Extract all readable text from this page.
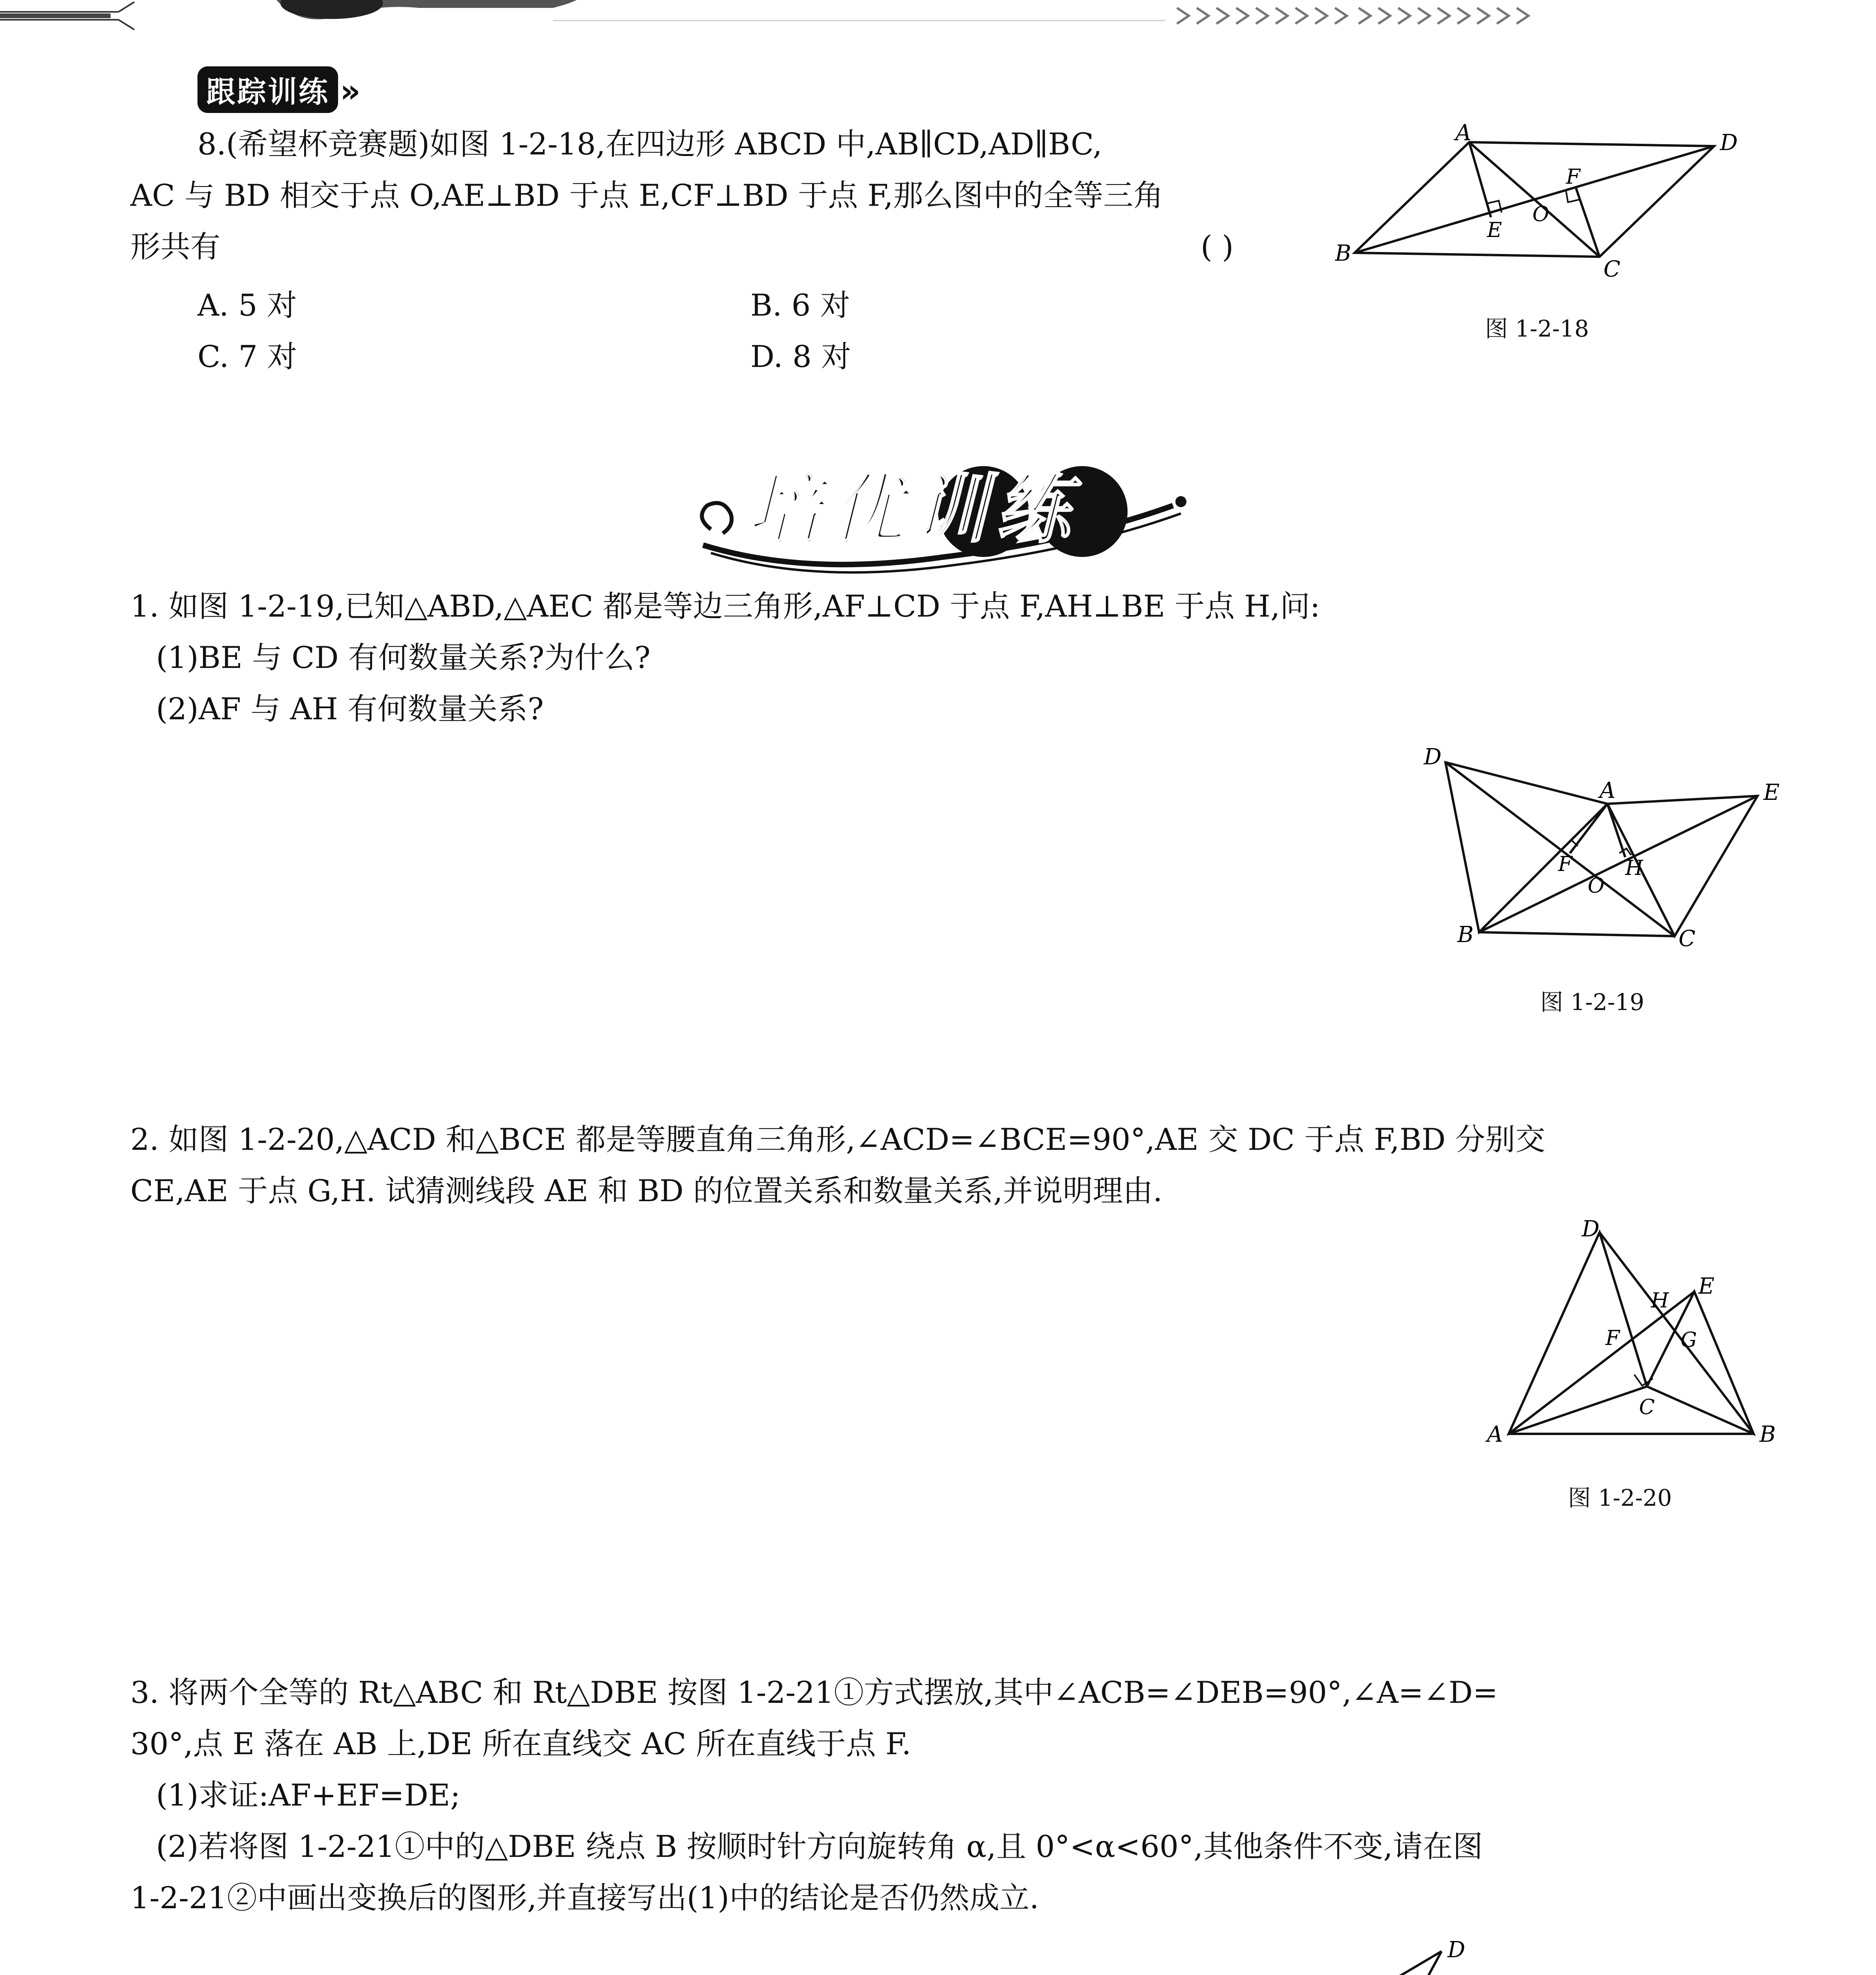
跟踪训练 »
8.(希望杯竞赛题)如图 1-2-18,在四边形 ABCD 中,AB∥CD,AD∥BC,
AC 与 BD 相交于点 O,AE⊥BD 于点 E,CF⊥BD 于点 F,那么图中的全等三角
形共有	( )
A. 5 对	B. 6 对
C. 7 对	D. 8 对
A	D
B
C
E
F
O
图 1-2-18
培优训练
1. 如图 1-2-19,已知△ABD,△AEC 都是等边三角形,AF⊥CD 于点 F,AH⊥BE 于点 H,问:
(1)BE 与 CD 有何数量关系?为什么?
(2)AF 与 AH 有何数量关系?
D
A	E
B	C
F	H
O
图 1-2-19
2. 如图 1-2-20,△ACD 和△BCE 都是等腰直角三角形,∠ACD=∠BCE=90°,AE 交 DC 于点 F,BD 分别交
CE,AE 于点 G,H. 试猜测线段 AE 和 BD 的位置关系和数量关系,并说明理由.
D
E
H
F	G
C
A	B
图 1-2-20
3. 将两个全等的 Rt△ABC 和 Rt△DBE 按图 1-2-21①方式摆放,其中∠ACB=∠DEB=90°,∠A=∠D=
30°,点 E 落在 AB 上,DE 所在直线交 AC 所在直线于点 F.
(1)求证:AF+EF=DE;
(2)若将图 1-2-21①中的△DBE 绕点 B 按顺时针方向旋转角 α,且 0°<α<60°,其他条件不变,请在图
1-2-21②中画出变换后的图形,并直接写出(1)中的结论是否仍然成立.
D
